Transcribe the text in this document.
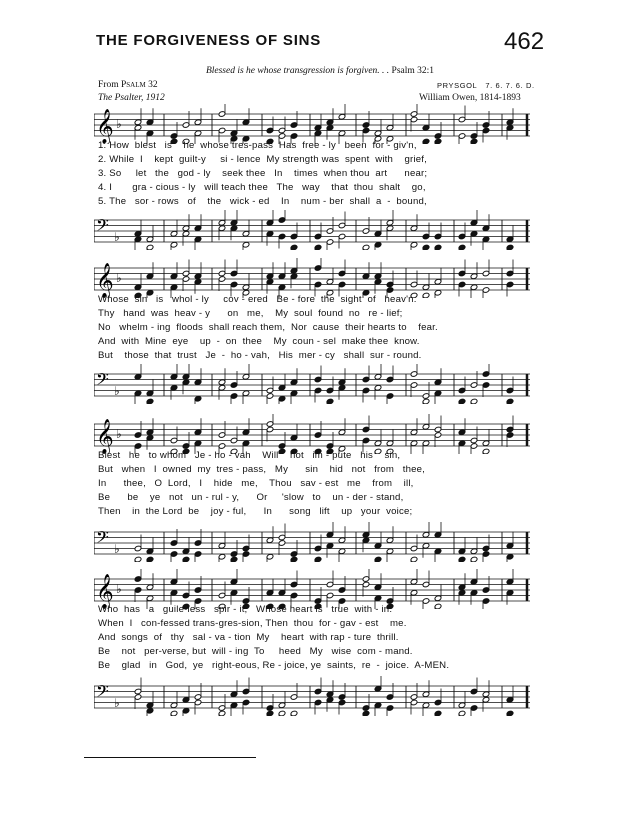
THE FORGIVENESS OF SINS	462
Blessed is he whose transgression is forgiven. . . Psalm 32:1
From Psalm 32
The Psalter, 1912
PRYSGOL 7. 6. 7. 6. D.
William Owen, 1814-1893
𝄞 ♭
1. How  blest   is    he  whose tres-pass  Has  free - ly   been  for - giv'n,
2. While  I    kept  guilt-y     si - lence  My strength was  spent  with    grief,
3. So     let   the   god - ly    seek thee   In    times  when thou  art      near;
4. I       gra - cious - ly   will teach thee   The   way    that  thou  shalt    go,
5. The   sor - rows   of    the   wick - ed    In    num - ber  shall  a  -  bound,
𝄢 ♭
𝄞 ♭
Whose  sin   is   whol - ly     cov - ered   Be - fore  the  sight  of   heav'n.
Thy   hand  was  heav - y      on   me,    My  soul  found  no   re - lief;
No   whelm - ing  floods  shall reach them,  Nor  cause  their hearts to    fear.
And  with  Mine  eye    up  -  on  thee    My  coun - sel  make thee  know.
But    those  that  trust   Je  -  ho - vah,   His  mer - cy   shall  sur - round.
𝄢 ♭
𝄞 ♭
Blest   he   to whom   Je - ho - vah    Will    not   im - pute   his    sin,
But   when   I  owned  my  tres - pass,   My      sin    hid   not   from   thee,
In      thee,   O  Lord,   I    hide   me,    Thou   sav - est   me    from    ill,
Be      be    ye   not   un - rul - y,      Or     'slow   to    un - der - stand,
Then    in  the Lord  be    joy - ful,      In      song   lift    up   your  voice;
𝄢 ♭
𝄞 ♭
Who  has   a   guile-less   spir - it,   Whose heart is   true  with - in.
When  I   con-fessed trans-gres-sion, Then  thou  for - gav - est    me.
And  songs  of   thy   sal - va - tion  My    heart  with rap - ture  thrill.
Be    not   per-verse, but  will - ing  To     heed   My   wise  com - mand.
Be    glad   in   God,  ye   right-eous, Re - joice, ye  saints,  re  -  joice.  A-MEN.
𝄢 ♭
